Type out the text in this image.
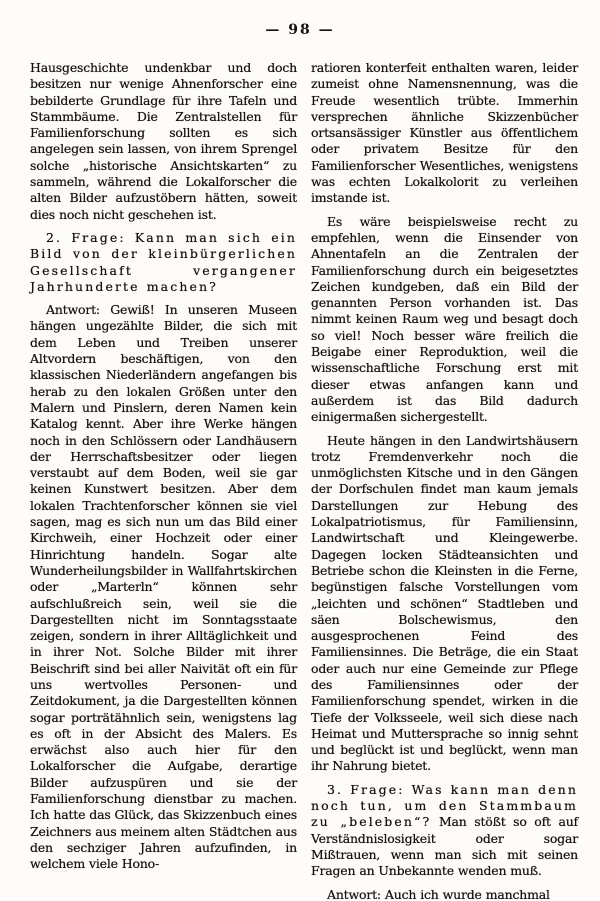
— 98 —

Hausgeschichte undenkbar und doch besitzen nur wenige Ahnenforscher eine bebilderte Grundlage für ihre Tafeln und Stammbäume. Die Zentralstellen für Familienforschung sollten es sich angelegen sein lassen, von ihrem Sprengel solche „historische Ansichtskarten“ zu sammeln, während die Lokalforscher die alten Bilder aufzustöbern hätten, soweit dies noch nicht geschehen ist.

2. Frage: Kann man sich ein Bild von der kleinbürgerlichen Gesellschaft vergangener Jahrhunderte machen?

Antwort: Gewiß! In unseren Museen hängen ungezählte Bilder, die sich mit dem Leben und Treiben unserer Altvordern beschäftigen, von den klassischen Niederländern angefangen bis herab zu den lokalen Größen unter den Malern und Pinslern, deren Namen kein Katalog kennt. Aber ihre Werke hängen noch in den Schlössern oder Landhäusern der Herrschaftsbesitzer oder liegen verstaubt auf dem Boden, weil sie gar keinen Kunstwert besitzen. Aber dem lokalen Trachtenforscher können sie viel sagen, mag es sich nun um das Bild einer Kirchweih, einer Hochzeit oder einer Hinrichtung handeln. Sogar alte Wunderheilungsbilder in Wallfahrtskirchen oder „Marterln“ können sehr aufschlußreich sein, weil sie die Dargestellten nicht im Sonntagsstaate zeigen, sondern in ihrer Alltäglichkeit und in ihrer Not. Solche Bilder mit ihrer Beischrift sind bei aller Naivität oft ein für uns wertvolles Personen- und Zeitdokument, ja die Dargestellten können sogar porträtähnlich sein, wenigstens lag es oft in der Absicht des Malers. Es erwächst also auch hier für den Lokalforscher die Aufgabe, derartige Bilder aufzuspüren und sie der Familienforschung dienstbar zu machen. Ich hatte das Glück, das Skizzenbuch eines Zeichners aus meinem alten Städtchen aus den sechziger Jahren aufzufinden, in welchem viele Hono-

ratioren konterfeit enthalten waren, leider zumeist ohne Namensnennung, was die Freude wesentlich trübte. Immerhin versprechen ähnliche Skizzenbücher ortsansässiger Künstler aus öffentlichem oder privatem Besitze für den Familienforscher Wesentliches, wenigstens was echten Lokalkolorit zu verleihen imstande ist.

Es wäre beispielsweise recht zu empfehlen, wenn die Einsender von Ahnentafeln an die Zentralen der Familienforschung durch ein beigesetztes Zeichen kundgeben, daß ein Bild der genannten Person vorhanden ist. Das nimmt keinen Raum weg und besagt doch so viel! Noch besser wäre freilich die Beigabe einer Reproduktion, weil die wissenschaftliche Forschung erst mit dieser etwas anfangen kann und außerdem ist das Bild dadurch einigermaßen sichergestellt.

Heute hängen in den Landwirtshäusern trotz Fremdenverkehr noch die unmöglichsten Kitsche und in den Gängen der Dorfschulen findet man kaum jemals Darstellungen zur Hebung des Lokalpatriotismus, für Familiensinn, Landwirtschaft und Kleingewerbe. Dagegen locken Städteansichten und Betriebe schon die Kleinsten in die Ferne, begünstigen falsche Vorstellungen vom „leichten und schönen“ Stadtleben und säen Bolschewismus, den ausgesprochenen Feind des Familiensinnes. Die Beträge, die ein Staat oder auch nur eine Gemeinde zur Pflege des Familiensinnes oder der Familienforschung spendet, wirken in die Tiefe der Volksseele, weil sich diese nach Heimat und Muttersprache so innig sehnt und beglückt ist und beglückt, wenn man ihr Nahrung bietet.

3. Frage: Was kann man denn noch tun, um den Stammbaum zu „beleben“? Man stößt so oft auf Verständnislosigkeit oder sogar Mißtrauen, wenn man sich mit seinen Fragen an Unbekannte wenden muß.

Antwort: Auch ich wurde manchmal
